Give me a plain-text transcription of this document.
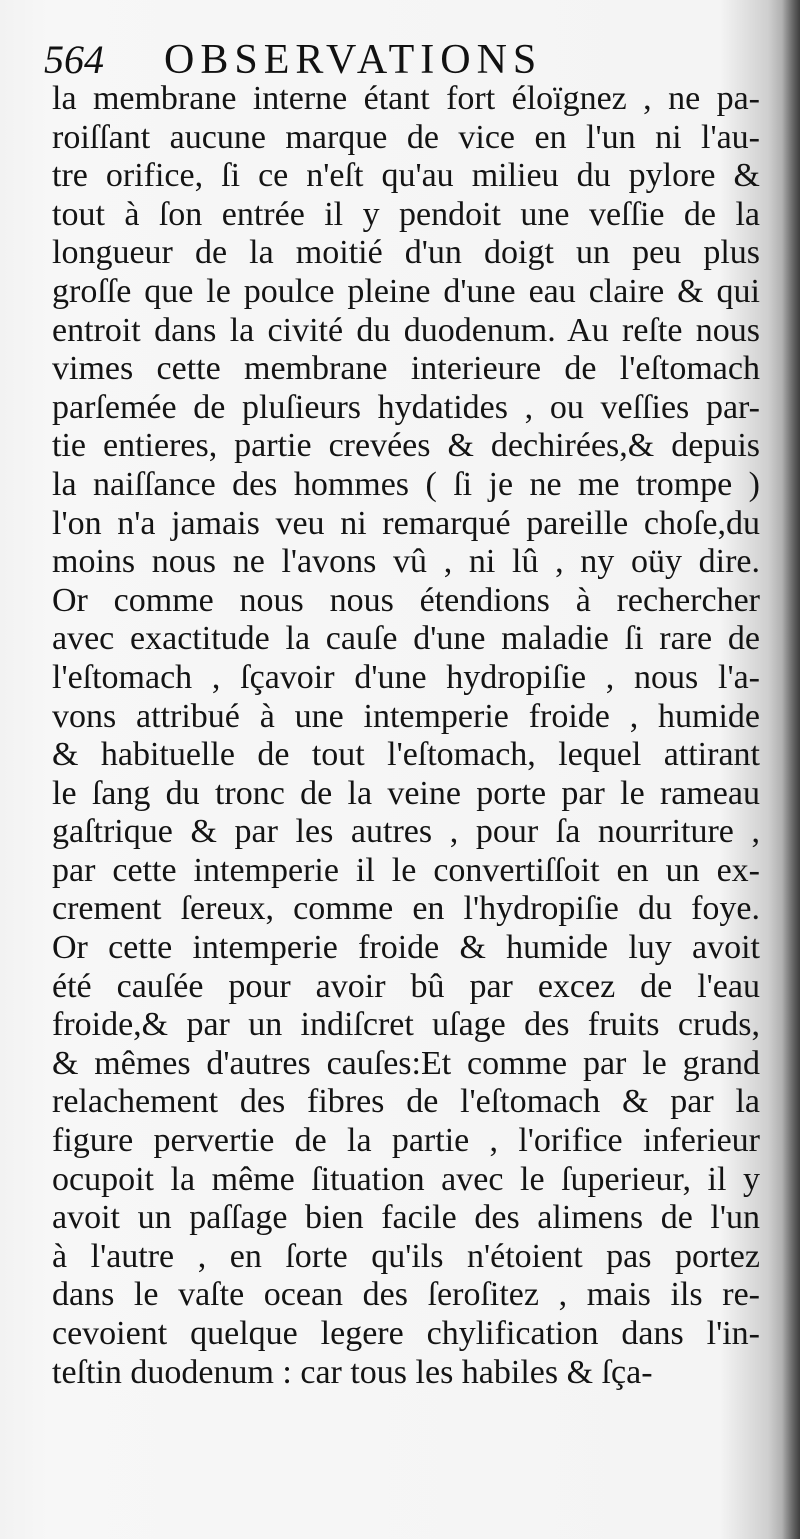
564 OBSERVATIONS
la membrane interne étant fort éloïgnez , ne pa-
roiſſant aucune marque de vice en l'un ni l'au-
tre orifice, ſi ce n'eſt qu'au milieu du pylore &
tout à ſon entrée il y pendoit une veſſie de la
longueur de la moitié d'un doigt un peu plus
groſſe que le poulce pleine d'une eau claire & qui
entroit dans la civité du duodenum. Au reſte nous
vimes cette membrane interieure de l'eſtomach
parſemée de pluſieurs hydatides , ou veſſies par-
tie entieres, partie crevées & dechirées,& depuis
la naiſſance des hommes ( ſi je ne me trompe )
l'on n'a jamais veu ni remarqué pareille choſe,du
moins nous ne l'avons vû , ni lû , ny oüy dire.
Or comme nous nous étendions à rechercher
avec exactitude la cauſe d'une maladie ſi rare de
l'eſtomach , ſçavoir d'une hydropiſie , nous l'a-
vons attribué à une intemperie froide , humide
& habituelle de tout l'eſtomach, lequel attirant
le ſang du tronc de la veine porte par le rameau
gaſtrique & par les autres , pour ſa nourriture ,
par cette intemperie il le convertiſſoit en un ex-
crement ſereux, comme en l'hydropiſie du foye.
Or cette intemperie froide & humide luy avoit
été cauſée pour avoir bû par excez de l'eau
froide,& par un indiſcret uſage des fruits cruds,
& mêmes d'autres cauſes:Et comme par le grand
relachement des fibres de l'eſtomach & par la
figure pervertie de la partie , l'orifice inferieur
ocupoit la même ſituation avec le ſuperieur, il y
avoit un paſſage bien facile des alimens de l'un
à l'autre , en ſorte qu'ils n'étoient pas portez
dans le vaſte ocean des ſeroſitez , mais ils re-
cevoient quelque legere chylification dans l'in-
teſtin duodenum : car tous les habiles & ſça-
